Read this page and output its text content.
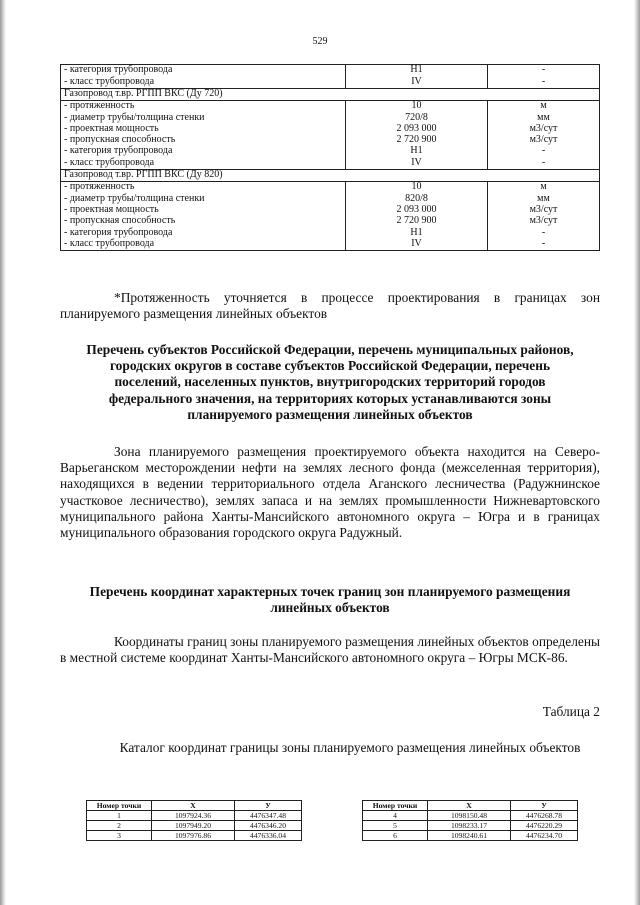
529
- категория трубопровода	H1	-
- класс трубопровода	IV	-
Газопровод т.вр. РГПП ВКС (Ду 720)		
- протяженность	10	м
- диаметр трубы/толщина стенки	720/8	мм
- проектная мощность	2 093 000	м3/сут
- пропускная способность	2 720 900	м3/сут
- категория трубопровода	H1	-
- класс трубопровода	IV	-
Газопровод т.вр. РГПП ВКС (Ду 820)		
- протяженность	10	м
- диаметр трубы/толщина стенки	820/8	мм
- проектная мощность	2 093 000	м3/сут
- пропускная способность	2 720 900	м3/сут
- категория трубопровода	H1	-
- класс трубопровода	IV	-
*Протяженность уточняется в процессе проектирования в границах зон планируемого размещения линейных объектов
Перечень субъектов Российской Федерации, перечень муниципальных районов, городских округов в составе субъектов Российской Федерации, перечень поселений, населенных пунктов, внутригородских территорий городов федерального значения, на территориях которых устанавливаются зоны планируемого размещения линейных объектов
Зона планируемого размещения проектируемого объекта находится на Северо-Варьеганском месторождении нефти на землях лесного фонда (межселенная территория), находящихся в ведении территориального отдела Аганского лесничества (Радужнинское участковое лесничество), землях запаса и на землях промышленности Нижневартовского муниципального района Ханты-Мансийского автономного округа – Югра и в границах муниципального образования городского округа Радужный.
Перечень координат характерных точек границ зон планируемого размещения линейных объектов
Координаты границ зоны планируемого размещения линейных объектов определены в местной системе координат Ханты-Мансийского автономного округа – Югры МСК-86.
Таблица 2
Каталог координат границы зоны планируемого размещения линейных объектов
Номер точки	X	У
1	1097924.36	4476347.48
2	1097949.20	4476346.20
3	1097976.86	4476336.04
Номер точки	X	У
4	1098150.48	4476268.78
5	1098233.17	4476220.29
6	1098240.61	4476234.70
